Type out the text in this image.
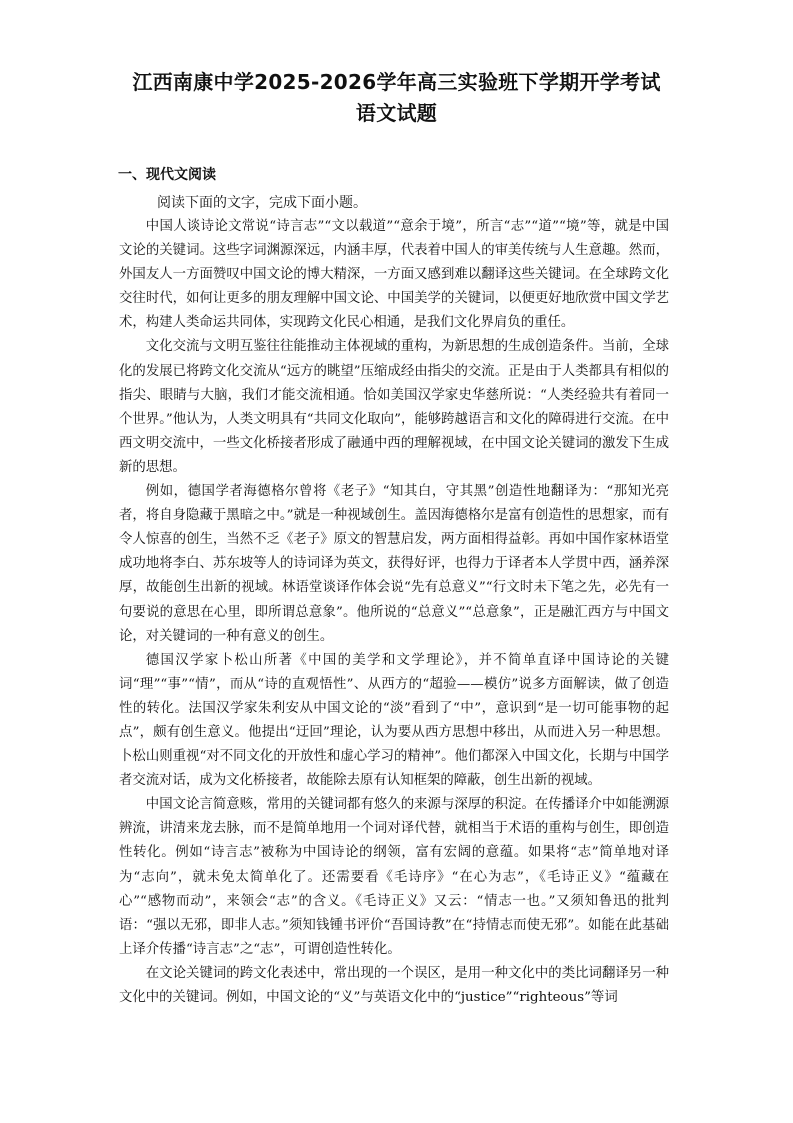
江西南康中学2025-2026学年高三实验班下学期开学考试
语文试题
一、现代文阅读
阅读下面的文字，完成下面小题。

中国人谈诗论文常说“诗言志”“文以载道”“意余于境”，所言“志”“道”“境”等，就是中国文论的关键词。这些字词渊源深远，内涵丰厚，代表着中国人的审美传统与人生意趣。然而，外国友人一方面赞叹中国文论的博大精深，一方面又感到难以翻译这些关键词。在全球跨文化交往时代，如何让更多的朋友理解中国文论、中国美学的关键词，以便更好地欣赏中国文学艺术，构建人类命运共同体，实现跨文化民心相通，是我们文化界肩负的重任。

文化交流与文明互鉴往往能推动主体视域的重构，为新思想的生成创造条件。当前，全球化的发展已将跨文化交流从“远方的眺望”压缩成经由指尖的交流。正是由于人类都具有相似的指尖、眼睛与大脑，我们才能交流相通。恰如美国汉学家史华慈所说：“人类经验共有着同一个世界。”他认为，人类文明具有“共同文化取向”，能够跨越语言和文化的障碍进行交流。在中西文明交流中，一些文化桥接者形成了融通中西的理解视域，在中国文论关键词的激发下生成新的思想。

例如，德国学者海德格尔曾将《老子》“知其白，守其黑”创造性地翻译为：“那知光亮者，将自身隐藏于黑暗之中。”就是一种视域创生。盖因海德格尔是富有创造性的思想家，而有令人惊喜的创生，当然不乏《老子》原文的智慧启发，两方面相得益彰。再如中国作家林语堂成功地将李白、苏东坡等人的诗词译为英文，获得好评，也得力于译者本人学贯中西，涵养深厚，故能创生出新的视域。林语堂谈译作体会说“先有总意义”“行文时未下笔之先，必先有一句要说的意思在心里，即所谓总意象”。他所说的“总意义”“总意象”，正是融汇西方与中国文论，对关键词的一种有意义的创生。

德国汉学家卜松山所著《中国的美学和文学理论》，并不简单直译中国诗论的关键词“理”“事”“情”，而从“诗的直观悟性”、从西方的“超验——模仿”说多方面解读，做了创造性的转化。法国汉学家朱利安从中国文论的“淡”看到了“中”，意识到“是一切可能事物的起点”，颇有创生意义。他提出“迂回”理论，认为要从西方思想中移出，从而进入另一种思想。卜松山则重视“对不同文化的开放性和虚心学习的精神”。他们都深入中国文化，长期与中国学者交流对话，成为文化桥接者，故能除去原有认知框架的障蔽，创生出新的视域。

中国文论言简意赅，常用的关键词都有悠久的来源与深厚的积淀。在传播译介中如能溯源辨流，讲清来龙去脉，而不是简单地用一个词对译代替，就相当于术语的重构与创生，即创造性转化。例如“诗言志”被称为中国诗论的纲领，富有宏阔的意蕴。如果将“志”简单地对译为“志向”，就未免太简单化了。还需要看《毛诗序》“在心为志”，《毛诗正义》“蕴藏在心”“感物而动”，来领会“志”的含义。《毛诗正义》又云：“情志一也。”又须知鲁迅的批判语：“强以无邪，即非人志。”须知钱锺书评价“吾国诗教”在“持情志而使无邪”。如能在此基础上译介传播“诗言志”之“志”，可谓创造性转化。

在文论关键词的跨文化表述中，常出现的一个误区，是用一种文化中的类比词翻译另一种文化中的关键词。例如，中国文论的“义”与英语文化中的“justice”“righteous”等词
